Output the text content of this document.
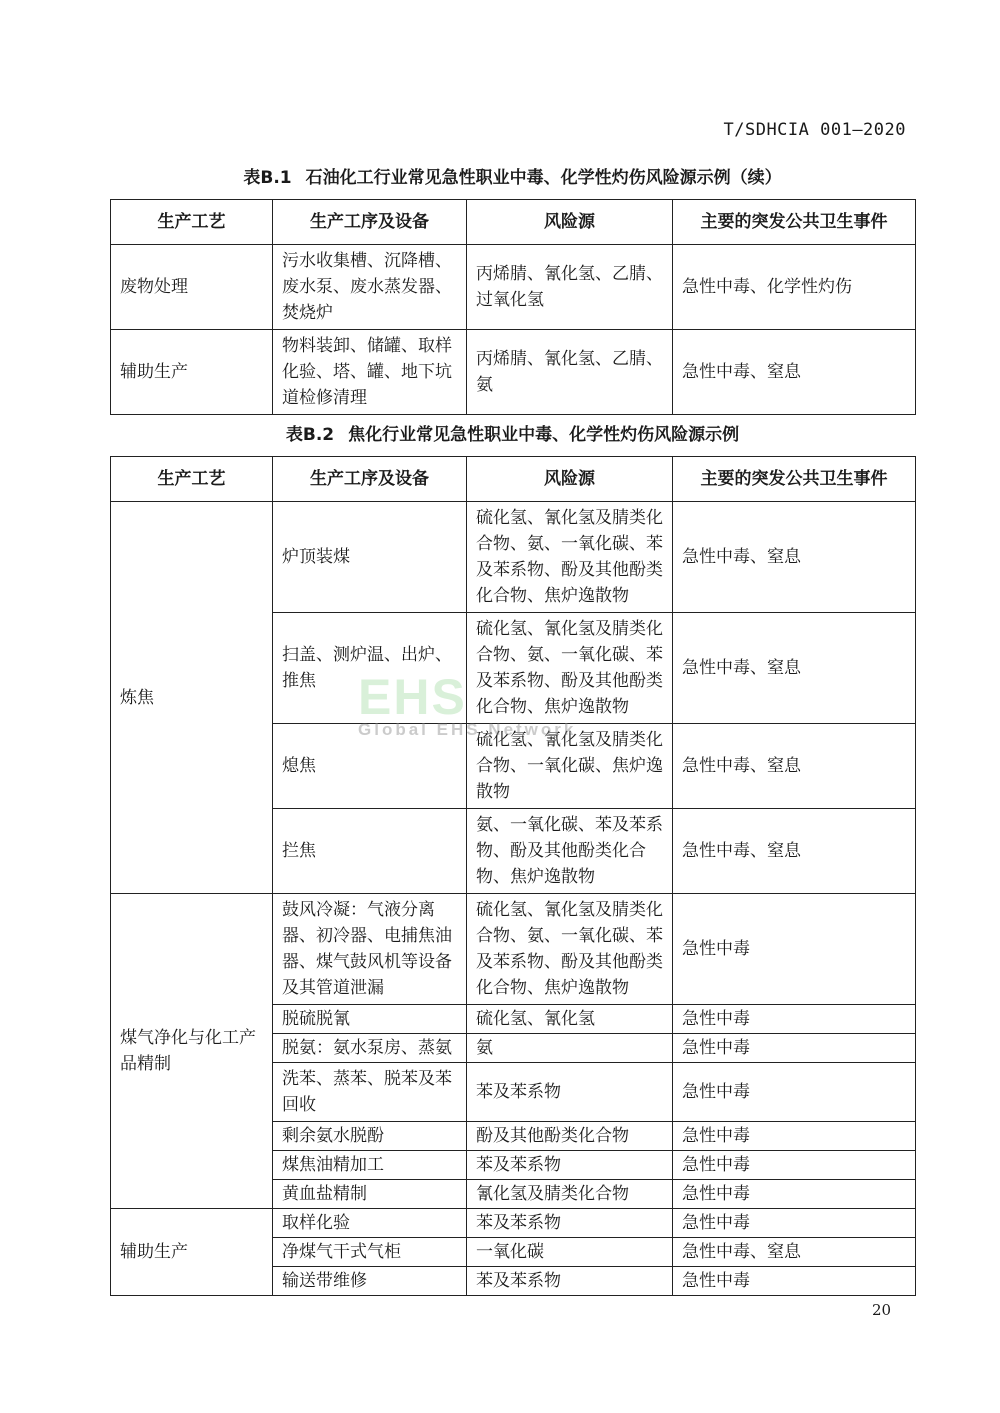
T/SDHCIA 001—2020
表B.1 石油化工行业常见急性职业中毒、化学性灼伤风险源示例（续）
生产工艺	生产工序及设备	风险源	主要的突发公共卫生事件
废物处理	污水收集槽、沉降槽、废水泵、废水蒸发器、焚烧炉	丙烯腈、氰化氢、乙腈、过氧化氢	急性中毒、化学性灼伤
辅助生产	物料装卸、储罐、取样化验、塔、罐、地下坑道检修清理	丙烯腈、氰化氢、乙腈、氨	急性中毒、窒息
表B.2 焦化行业常见急性职业中毒、化学性灼伤风险源示例
生产工艺	生产工序及设备	风险源	主要的突发公共卫生事件
炼焦	炉顶装煤	硫化氢、氰化氢及腈类化合物、氨、一氧化碳、苯及苯系物、酚及其他酚类化合物、焦炉逸散物	急性中毒、窒息
	扫盖、测炉温、出炉、推焦	硫化氢、氰化氢及腈类化合物、氨、一氧化碳、苯及苯系物、酚及其他酚类化合物、焦炉逸散物	急性中毒、窒息
	熄焦	硫化氢、氰化氢及腈类化合物、一氧化碳、焦炉逸散物	急性中毒、窒息
	拦焦	氨、一氧化碳、苯及苯系物、酚及其他酚类化合物、焦炉逸散物	急性中毒、窒息
煤气净化与化工产品精制	鼓风冷凝：气液分离器、初冷器、电捕焦油器、煤气鼓风机等设备及其管道泄漏	硫化氢、氰化氢及腈类化合物、氨、一氧化碳、苯及苯系物、酚及其他酚类化合物、焦炉逸散物	急性中毒
	脱硫脱氰	硫化氢、氰化氢	急性中毒
	脱氨：氨水泵房、蒸氨	氨	急性中毒
	洗苯、蒸苯、脱苯及苯回收	苯及苯系物	急性中毒
	剩余氨水脱酚	酚及其他酚类化合物	急性中毒
	煤焦油精加工	苯及苯系物	急性中毒
	黄血盐精制	氰化氢及腈类化合物	急性中毒
辅助生产	取样化验	苯及苯系物	急性中毒
	净煤气干式气柜	一氧化碳	急性中毒、窒息
	输送带维修	苯及苯系物	急性中毒
EHS
Global EHS Network
20
